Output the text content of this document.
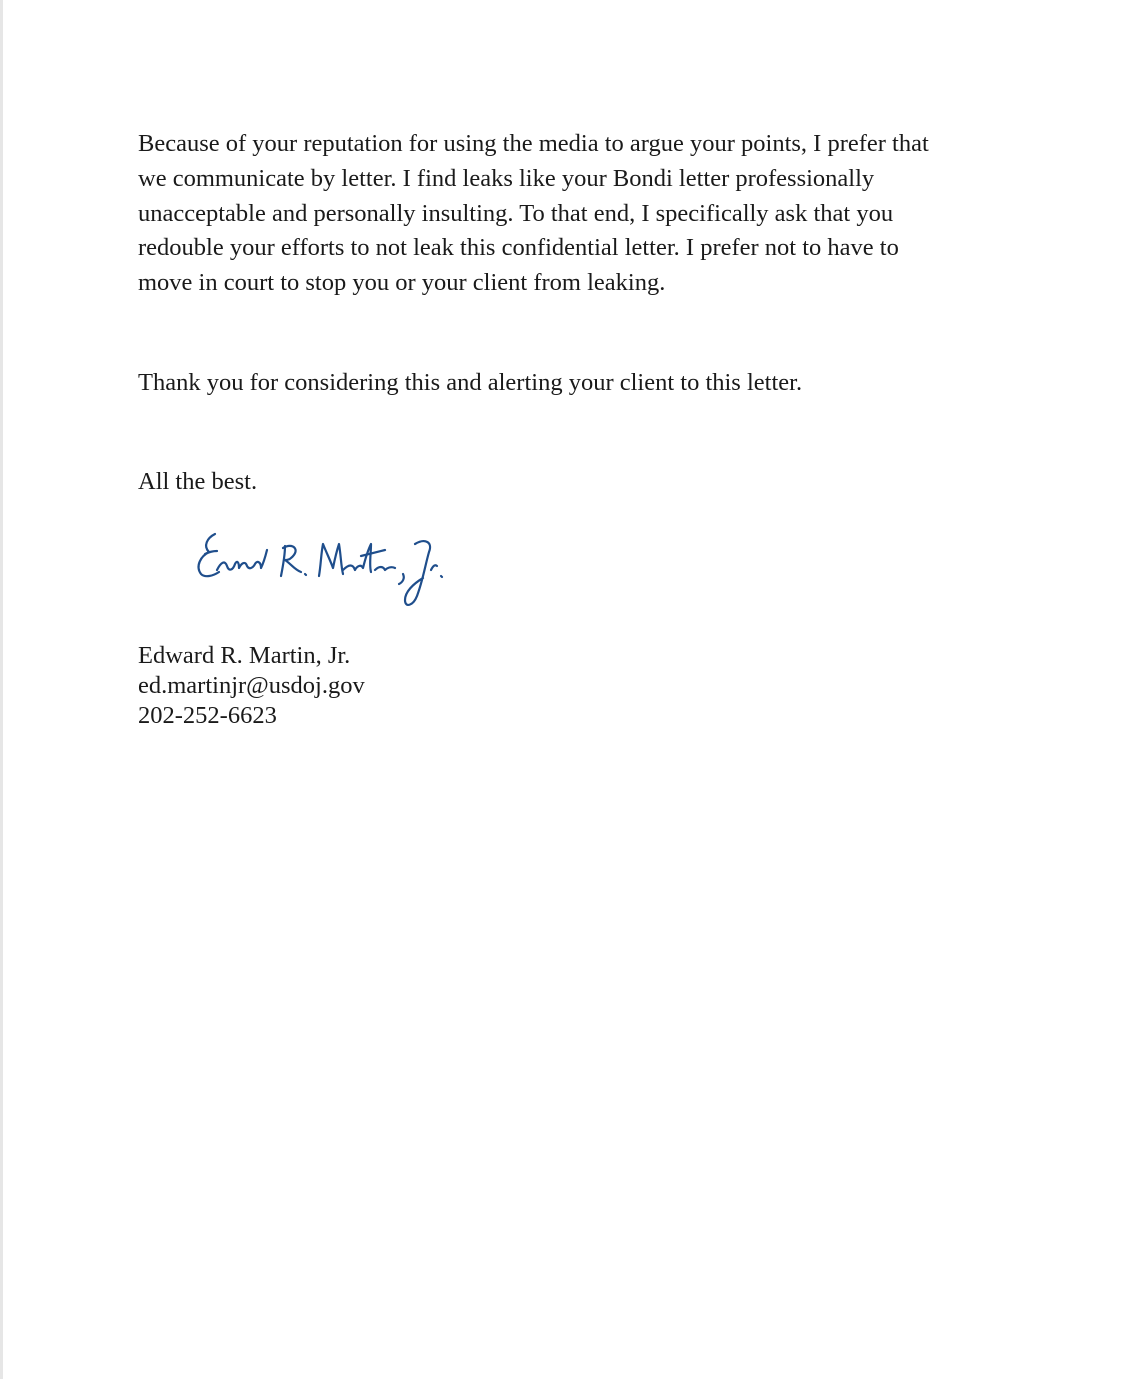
Because of your reputation for using the media to argue your points, I prefer that
we communicate by letter. I find leaks like your Bondi letter professionally
unacceptable and personally insulting. To that end, I specifically ask that you
redouble your efforts to not leak this confidential letter. I prefer not to have to
move in court to stop you or your client from leaking.

Thank you for considering this and alerting your client to this letter.

All the best.

Edward R. Martin, Jr.
ed.martinjr@usdoj.gov
202-252-6623
